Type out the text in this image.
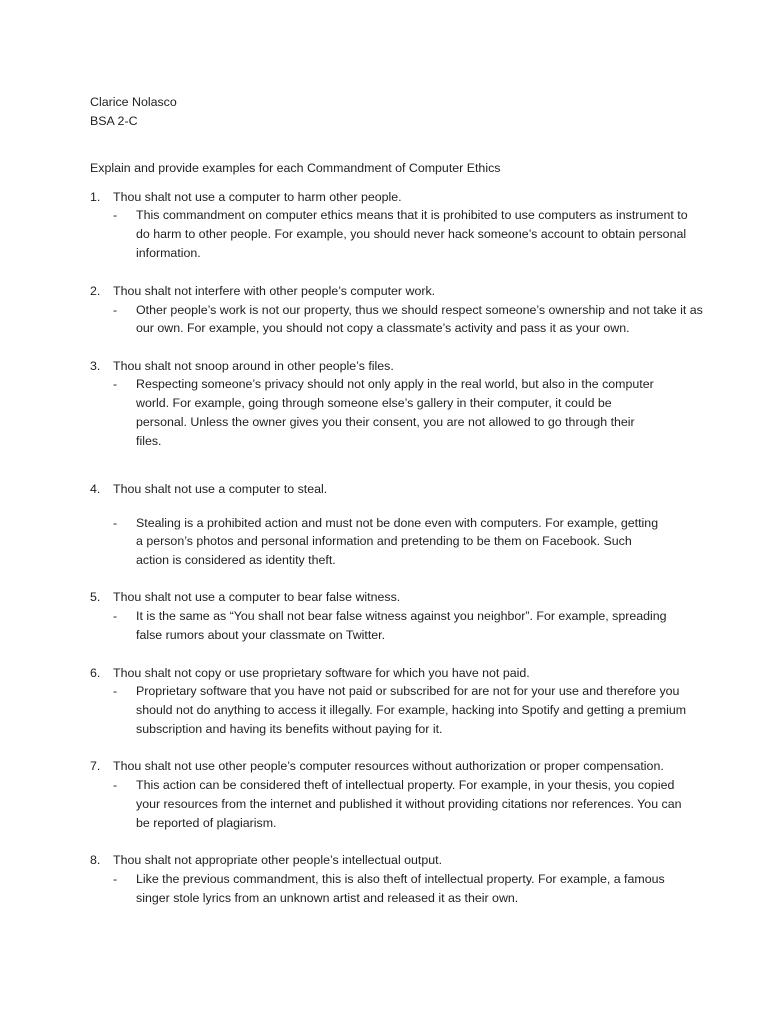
Clarice Nolasco
BSA 2-C
Explain and provide examples for each Commandment of Computer Ethics
1. Thou shalt not use a computer to harm other people.
- This commandment on computer ethics means that it is prohibited to use computers as instrument to
do harm to other people. For example, you should never hack someone’s account to obtain personal
information.
2. Thou shalt not interfere with other people’s computer work.
- Other people’s work is not our property, thus we should respect someone’s ownership and not take it as
our own. For example, you should not copy a classmate’s activity and pass it as your own.
3. Thou shalt not snoop around in other people’s files.
- Respecting someone’s privacy should not only apply in the real world, but also in the computer
world. For example, going through someone else’s gallery in their computer, it could be
personal. Unless the owner gives you their consent, you are not allowed to go through their
files.
4. Thou shalt not use a computer to steal.
- Stealing is a prohibited action and must not be done even with computers. For example, getting
a person’s photos and personal information and pretending to be them on Facebook. Such
action is considered as identity theft.
5. Thou shalt not use a computer to bear false witness.
- It is the same as “You shall not bear false witness against you neighbor”. For example, spreading
false rumors about your classmate on Twitter.
6. Thou shalt not copy or use proprietary software for which you have not paid.
- Proprietary software that you have not paid or subscribed for are not for your use and therefore you
should not do anything to access it illegally. For example, hacking into Spotify and getting a premium
subscription and having its benefits without paying for it.
7. Thou shalt not use other people’s computer resources without authorization or proper compensation.
- This action can be considered theft of intellectual property. For example, in your thesis, you copied
your resources from the internet and published it without providing citations nor references. You can
be reported of plagiarism.
8. Thou shalt not appropriate other people’s intellectual output.
- Like the previous commandment, this is also theft of intellectual property. For example, a famous
singer stole lyrics from an unknown artist and released it as their own.
